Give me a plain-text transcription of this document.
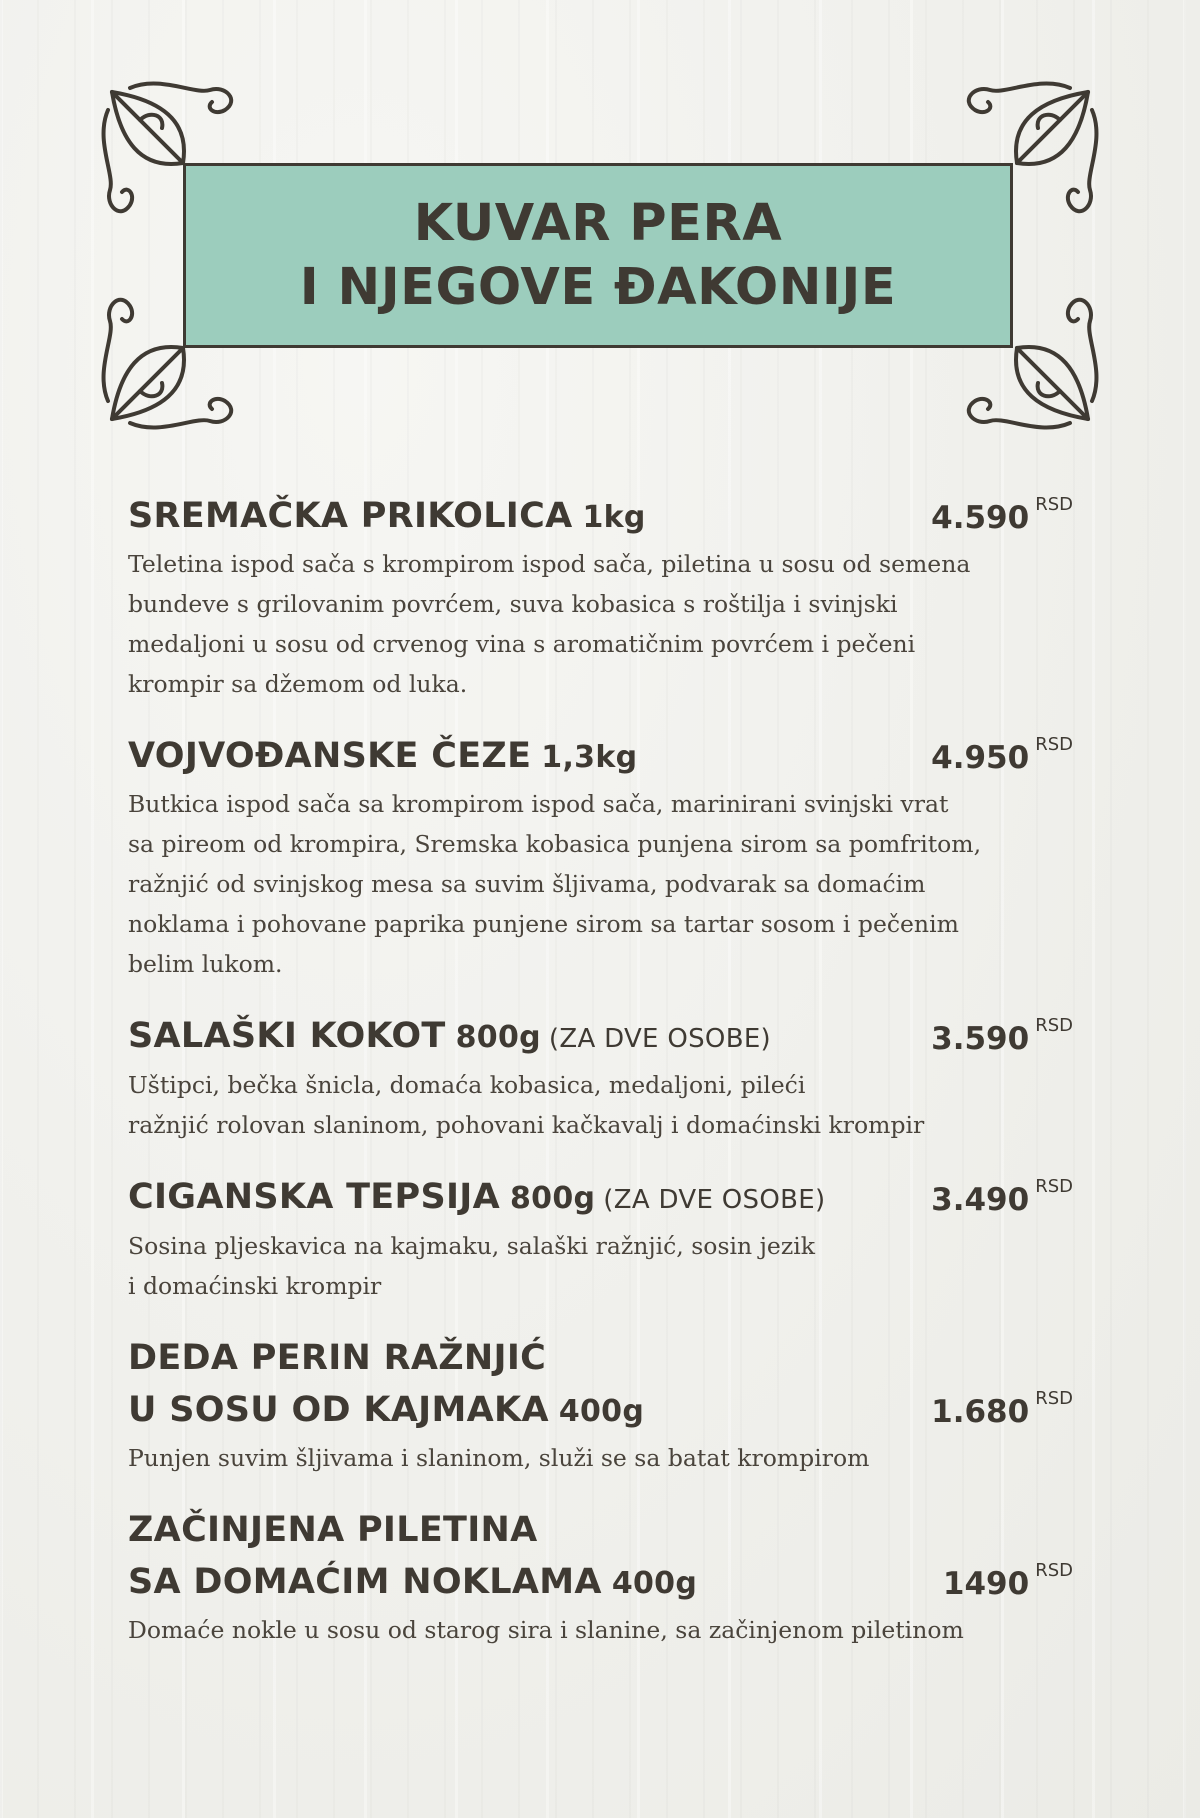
KUVAR PERA
I NJEGOVE ĐAKONIJE
SREMAČKA PRIKOLICA 1kg	4.590 RSD

Teletina ispod sača s krompirom ispod sača, piletina u sosu od semena
bundeve s grilovanim povrćem, suva kobasica s roštilja i svinjski
medaljoni u sosu od crvenog vina s aromatičnim povrćem i pečeni
krompir sa džemom od luka.

VOJVOĐANSKE ČEZE 1,3kg	4.950 RSD

Butkica ispod sača sa krompirom ispod sača, marinirani svinjski vrat
sa pireom od krompira, Sremska kobasica punjena sirom sa pomfritom,
ražnjić od svinjskog mesa sa suvim šljivama, podvarak sa domaćim
noklama i pohovane paprika punjene sirom sa tartar sosom i pečenim
belim lukom.

SALAŠKI KOKOT 800g (ZA DVE OSOBE)	3.590 RSD

Uštipci, bečka šnicla, domaća kobasica, medaljoni, pileći
ražnjić rolovan slaninom, pohovani kačkavalj i domaćinski krompir

CIGANSKA TEPSIJA 800g (ZA DVE OSOBE)	3.490 RSD

Sosina pljeskavica na kajmaku, salaški ražnjić, sosin jezik
i domaćinski krompir

DEDA PERIN RAŽNJIĆ
U SOSU OD KAJMAKA 400g	1.680 RSD

Punjen suvim šljivama i slaninom, služi se sa batat krompirom

ZAČINJENA PILETINA
SA DOMAĆIM NOKLAMA 400g	1490 RSD

Domaće nokle u sosu od starog sira i slanine, sa začinjenom piletinom
